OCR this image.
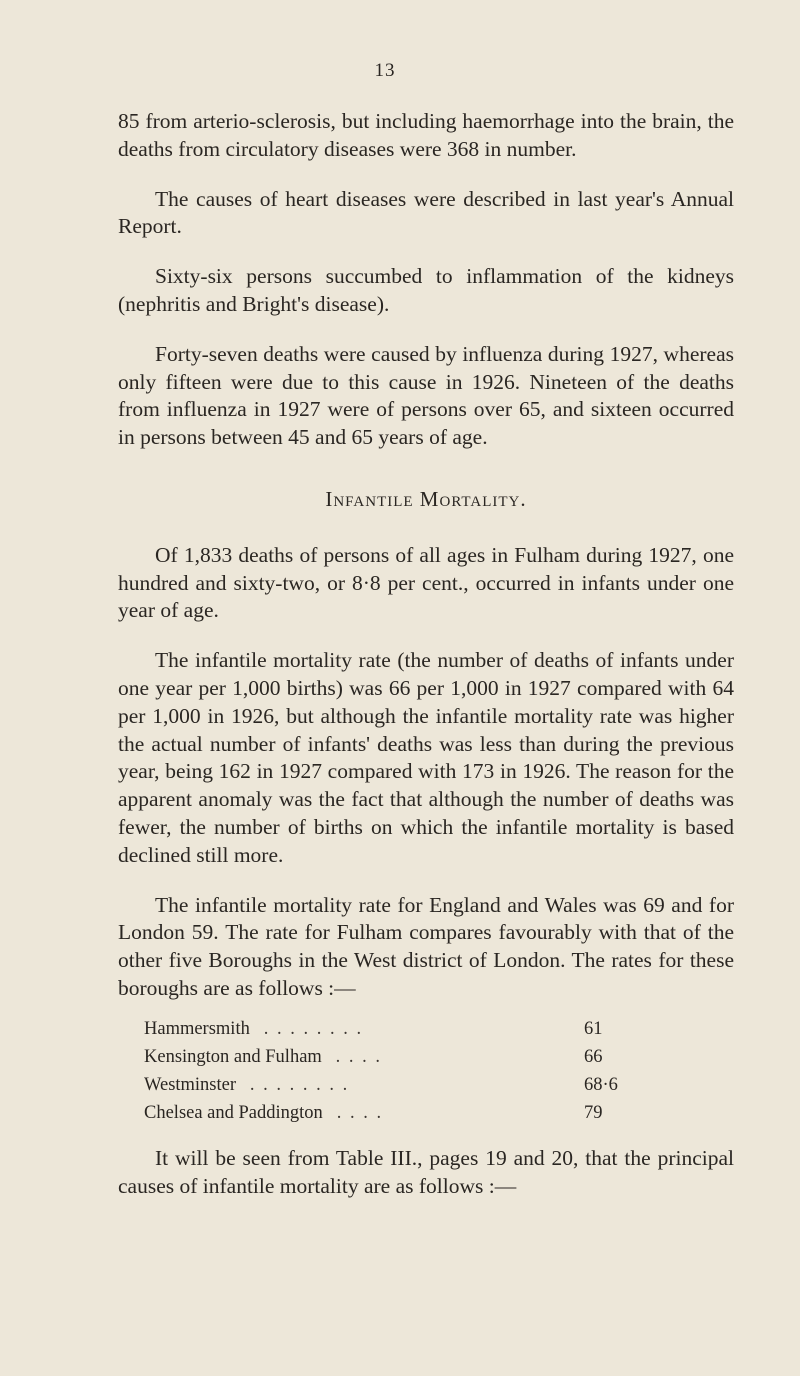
13

85 from arterio-sclerosis, but including haemorrhage into the brain, the deaths from circulatory diseases were 368 in number.

The causes of heart diseases were described in last year's Annual Report.

Sixty-six persons succumbed to inflammation of the kidneys (nephritis and Bright's disease).

Forty-seven deaths were caused by influenza during 1927, whereas only fifteen were due to this cause in 1926. Nineteen of the deaths from influenza in 1927 were of persons over 65, and sixteen occurred in persons between 45 and 65 years of age.

Infantile Mortality.

Of 1,833 deaths of persons of all ages in Fulham during 1927, one hundred and sixty-two, or 8·8 per cent., occurred in infants under one year of age.

The infantile mortality rate (the number of deaths of infants under one year per 1,000 births) was 66 per 1,000 in 1927 compared with 64 per 1,000 in 1926, but although the infantile mortality rate was higher the actual number of infants' deaths was less than during the previous year, being 162 in 1927 compared with 173 in 1926. The reason for the apparent anomaly was the fact that although the number of deaths was fewer, the number of births on which the infantile mortality is based declined still more.

The infantile mortality rate for England and Wales was 69 and for London 59. The rate for Fulham compares favourably with that of the other five Boroughs in the West district of London. The rates for these boroughs are as follows :—

Hammersmith . . . . . . . .	61
Kensington and Fulham . . . .	66
Westminster . . . . . . . .	68·6
Chelsea and Paddington . . . .	79

It will be seen from Table III., pages 19 and 20, that the principal causes of infantile mortality are as follows :—
